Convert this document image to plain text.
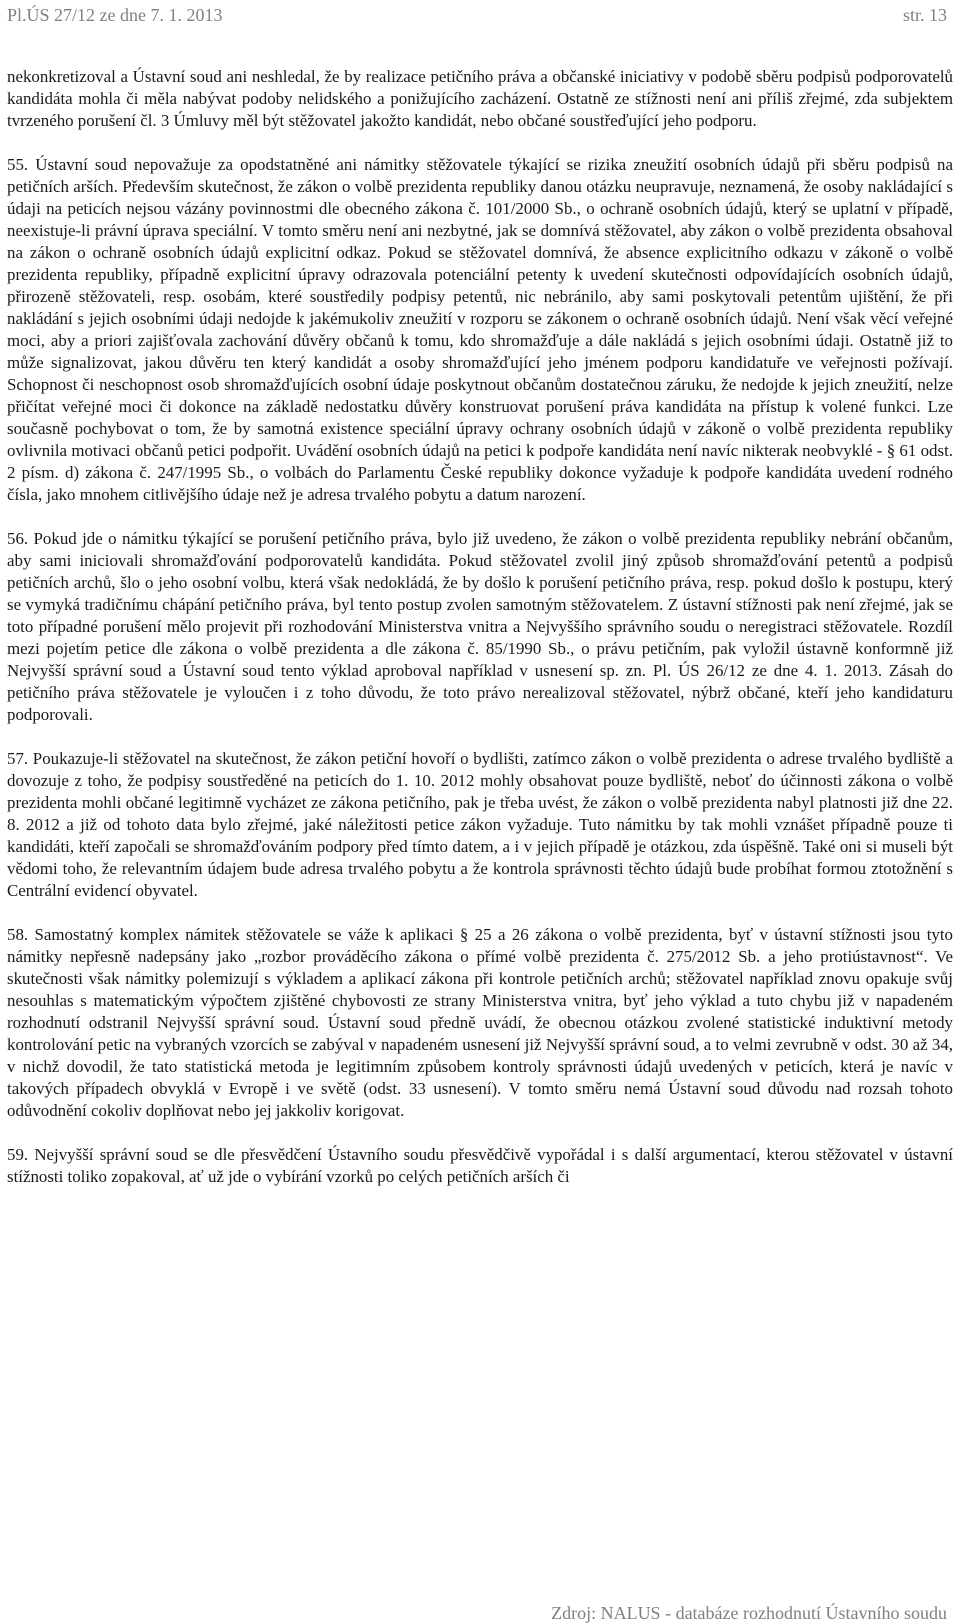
Pl.ÚS 27/12 ze dne 7. 1. 2013	str. 13

nekonkretizoval a Ústavní soud ani neshledal, že by realizace petičního práva a občanské iniciativy v podobě sběru podpisů podporovatelů kandidáta mohla či měla nabývat podoby nelidského a ponižujícího zacházení. Ostatně ze stížnosti není ani příliš zřejmé, zda subjektem tvrzeného porušení čl. 3 Úmluvy měl být stěžovatel jakožto kandidát, nebo občané soustřeďující jeho podporu.

55. Ústavní soud nepovažuje za opodstatněné ani námitky stěžovatele týkající se rizika zneužití osobních údajů při sběru podpisů na petičních arších. Především skutečnost, že zákon o volbě prezidenta republiky danou otázku neupravuje, neznamená, že osoby nakládající s údaji na peticích nejsou vázány povinnostmi dle obecného zákona č. 101/2000 Sb., o ochraně osobních údajů, který se uplatní v případě, neexistuje-li právní úprava speciální. V tomto směru není ani nezbytné, jak se domnívá stěžovatel, aby zákon o volbě prezidenta obsahoval na zákon o ochraně osobních údajů explicitní odkaz. Pokud se stěžovatel domnívá, že absence explicitního odkazu v zákoně o volbě prezidenta republiky, případně explicitní úpravy odrazovala potenciální petenty k uvedení skutečnosti odpovídajících osobních údajů, přirozeně stěžovateli, resp. osobám, které soustředily podpisy petentů, nic nebránilo, aby sami poskytovali petentům ujištění, že při nakládání s jejich osobními údaji nedojde k jakémukoliv zneužití v rozporu se zákonem o ochraně osobních údajů. Není však věcí veřejné moci, aby a priori zajišťovala zachování důvěry občanů k tomu, kdo shromažďuje a dále nakládá s jejich osobními údaji. Ostatně již to může signalizovat, jakou důvěru ten který kandidát a osoby shromažďující jeho jménem podporu kandidatuře ve veřejnosti požívají. Schopnost či neschopnost osob shromažďujících osobní údaje poskytnout občanům dostatečnou záruku, že nedojde k jejich zneužití, nelze přičítat veřejné moci či dokonce na základě nedostatku důvěry konstruovat porušení práva kandidáta na přístup k volené funkci. Lze současně pochybovat o tom, že by samotná existence speciální úpravy ochrany osobních údajů v zákoně o volbě prezidenta republiky ovlivnila motivaci občanů petici podpořit. Uvádění osobních údajů na petici k podpoře kandidáta není navíc nikterak neobvyklé - § 61 odst. 2 písm. d) zákona č. 247/1995 Sb., o volbách do Parlamentu České republiky dokonce vyžaduje k podpoře kandidáta uvedení rodného čísla, jako mnohem citlivějšího údaje než je adresa trvalého pobytu a datum narození.

56. Pokud jde o námitku týkající se porušení petičního práva, bylo již uvedeno, že zákon o volbě prezidenta republiky nebrání občanům, aby sami iniciovali shromažďování podporovatelů kandidáta. Pokud stěžovatel zvolil jiný způsob shromažďování petentů a podpisů petičních archů, šlo o jeho osobní volbu, která však nedokládá, že by došlo k porušení petičního práva, resp. pokud došlo k postupu, který se vymyká tradičnímu chápání petičního práva, byl tento postup zvolen samotným stěžovatelem. Z ústavní stížnosti pak není zřejmé, jak se toto případné porušení mělo projevit při rozhodování Ministerstva vnitra a Nejvyššího správního soudu o neregistraci stěžovatele. Rozdíl mezi pojetím petice dle zákona o volbě prezidenta a dle zákona č. 85/1990 Sb., o právu petičním, pak vyložil ústavně konformně již Nejvyšší správní soud a Ústavní soud tento výklad aproboval například v usnesení sp. zn. Pl. ÚS 26/12 ze dne 4. 1. 2013. Zásah do petičního práva stěžovatele je vyloučen i z toho důvodu, že toto právo nerealizoval stěžovatel, nýbrž občané, kteří jeho kandidaturu podporovali.

57. Poukazuje-li stěžovatel na skutečnost, že zákon petiční hovoří o bydlišti, zatímco zákon o volbě prezidenta o adrese trvalého bydliště a dovozuje z toho, že podpisy soustředěné na peticích do 1. 10. 2012 mohly obsahovat pouze bydliště, neboť do účinnosti zákona o volbě prezidenta mohli občané legitimně vycházet ze zákona petičního, pak je třeba uvést, že zákon o volbě prezidenta nabyl platnosti již dne 22. 8. 2012 a již od tohoto data bylo zřejmé, jaké náležitosti petice zákon vyžaduje. Tuto námitku by tak mohli vznášet případně pouze ti kandidáti, kteří započali se shromažďováním podpory před tímto datem, a i v jejich případě je otázkou, zda úspěšně. Také oni si museli být vědomi toho, že relevantním údajem bude adresa trvalého pobytu a že kontrola správnosti těchto údajů bude probíhat formou ztotožnění s Centrální evidencí obyvatel.

58. Samostatný komplex námitek stěžovatele se váže k aplikaci § 25 a 26 zákona o volbě prezidenta, byť v ústavní stížnosti jsou tyto námitky nepřesně nadepsány jako „rozbor prováděcího zákona o přímé volbě prezidenta č. 275/2012 Sb. a jeho protiústavnost“. Ve skutečnosti však námitky polemizují s výkladem a aplikací zákona při kontrole petičních archů; stěžovatel například znovu opakuje svůj nesouhlas s matematickým výpočtem zjištěné chybovosti ze strany Ministerstva vnitra, byť jeho výklad a tuto chybu již v napadeném rozhodnutí odstranil Nejvyšší správní soud. Ústavní soud předně uvádí, že obecnou otázkou zvolené statistické induktivní metody kontrolování petic na vybraných vzorcích se zabýval v napadeném usnesení již Nejvyšší správní soud, a to velmi zevrubně v odst. 30 až 34, v nichž dovodil, že tato statistická metoda je legitimním způsobem kontroly správnosti údajů uvedených v peticích, která je navíc v takových případech obvyklá v Evropě i ve světě (odst. 33 usnesení). V tomto směru nemá Ústavní soud důvodu nad rozsah tohoto odůvodnění cokoliv doplňovat nebo jej jakkoliv korigovat.

59. Nejvyšší správní soud se dle přesvědčení Ústavního soudu přesvědčivě vypořádal i s další argumentací, kterou stěžovatel v ústavní stížnosti toliko zopakoval, ať už jde o vybírání vzorků po celých petičních arších či

Zdroj: NALUS - databáze rozhodnutí Ústavního soudu
